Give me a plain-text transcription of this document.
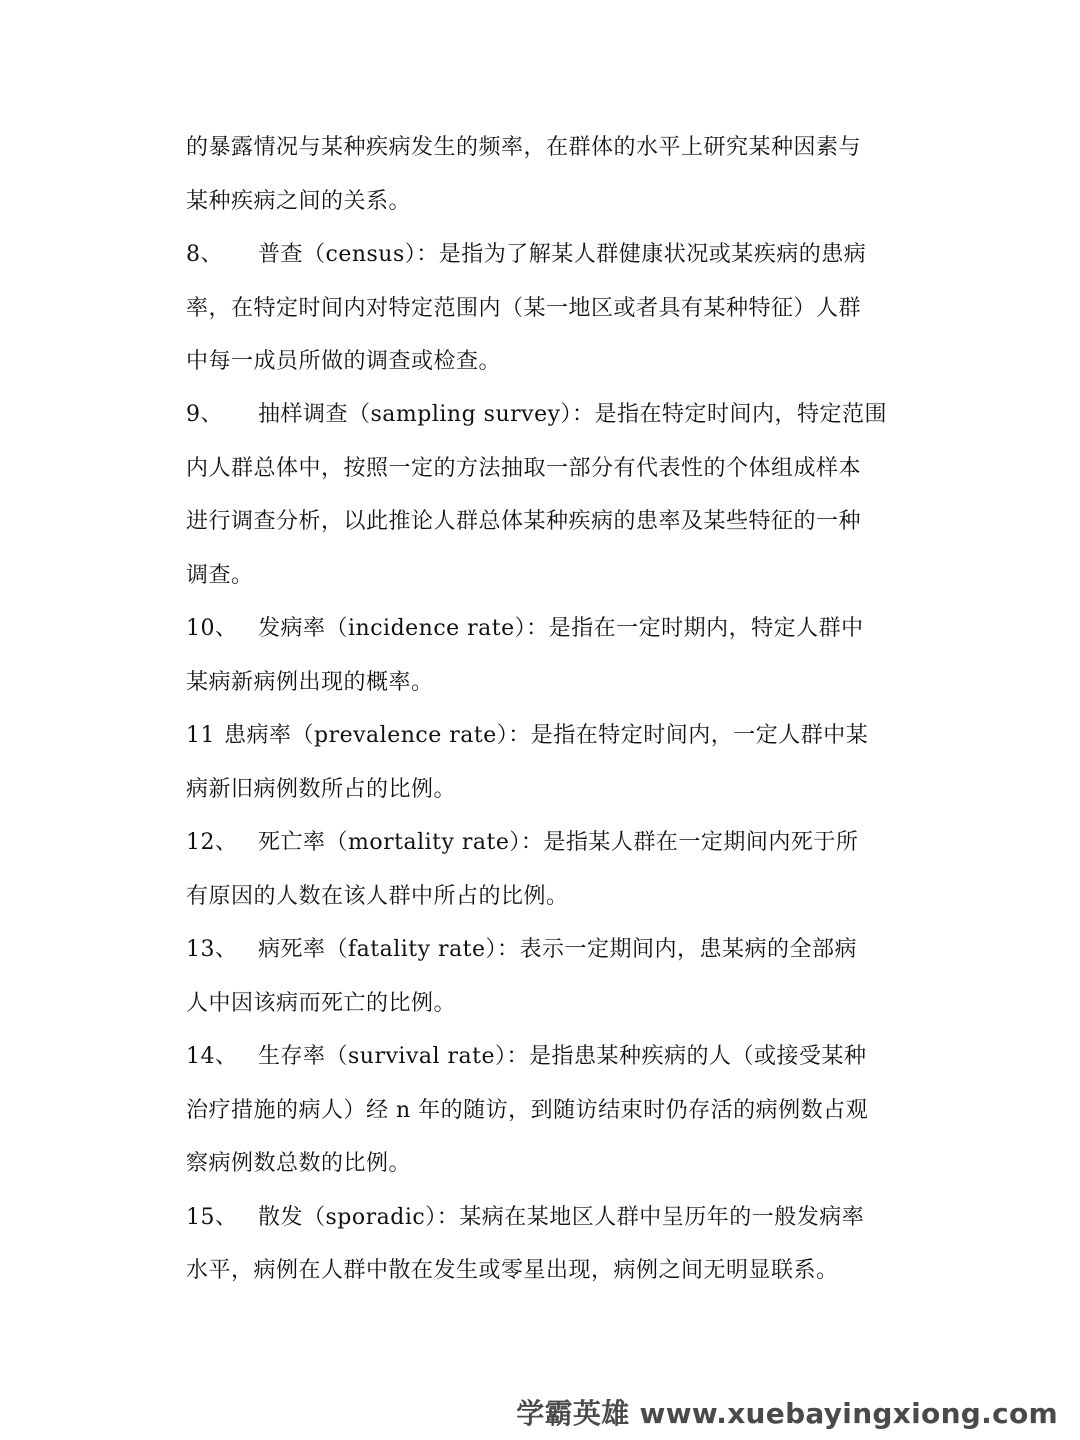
的暴露情况与某种疾病发生的频率，在群体的水平上研究某种因素与
某种疾病之间的关系。
8、 普查（census）：是指为了解某人群健康状况或某疾病的患病
率，在特定时间内对特定范围内（某一地区或者具有某种特征）人群
中每一成员所做的调查或检查。
9、 抽样调查（sampling survey）：是指在特定时间内，特定范围
内人群总体中，按照一定的方法抽取一部分有代表性的个体组成样本
进行调查分析，以此推论人群总体某种疾病的患率及某些特征的一种
调查。
10、 发病率（incidence rate）：是指在一定时期内，特定人群中
某病新病例出现的概率。
11 患病率（prevalence rate）：是指在特定时间内，一定人群中某
病新旧病例数所占的比例。
12、 死亡率（mortality rate）：是指某人群在一定期间内死于所
有原因的人数在该人群中所占的比例。
13、 病死率（fatality rate）：表示一定期间内，患某病的全部病
人中因该病而死亡的比例。
14、 生存率（survival rate）：是指患某种疾病的人（或接受某种
治疗措施的病人）经 n 年的随访，到随访结束时仍存活的病例数占观
察病例数总数的比例。
15、 散发（sporadic）：某病在某地区人群中呈历年的一般发病率
水平，病例在人群中散在发生或零星出现，病例之间无明显联系。
学霸英雄 www.xuebayingxiong.com
